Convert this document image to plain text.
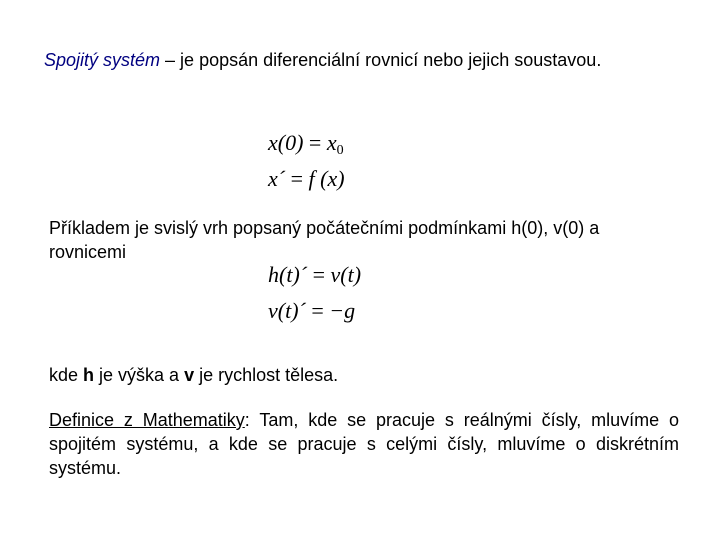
Spojitý systém – je popsán diferenciální rovnicí nebo jejich soustavou.
$x(0) = x_0$
x´ = f (x)
Příkladem je svislý vrh popsaný počátečními podmínkami h(0), v(0) a rovnicemi
h(t)´ = v(t)
v(t)´ = −g
kde h je výška a v je rychlost tělesa.
Definice z Mathematiky: Tam, kde se pracuje s reálnými čísly, mluvíme o spojitém systému, a kde se pracuje s celými čísly, mluvíme o diskrétním systému.
